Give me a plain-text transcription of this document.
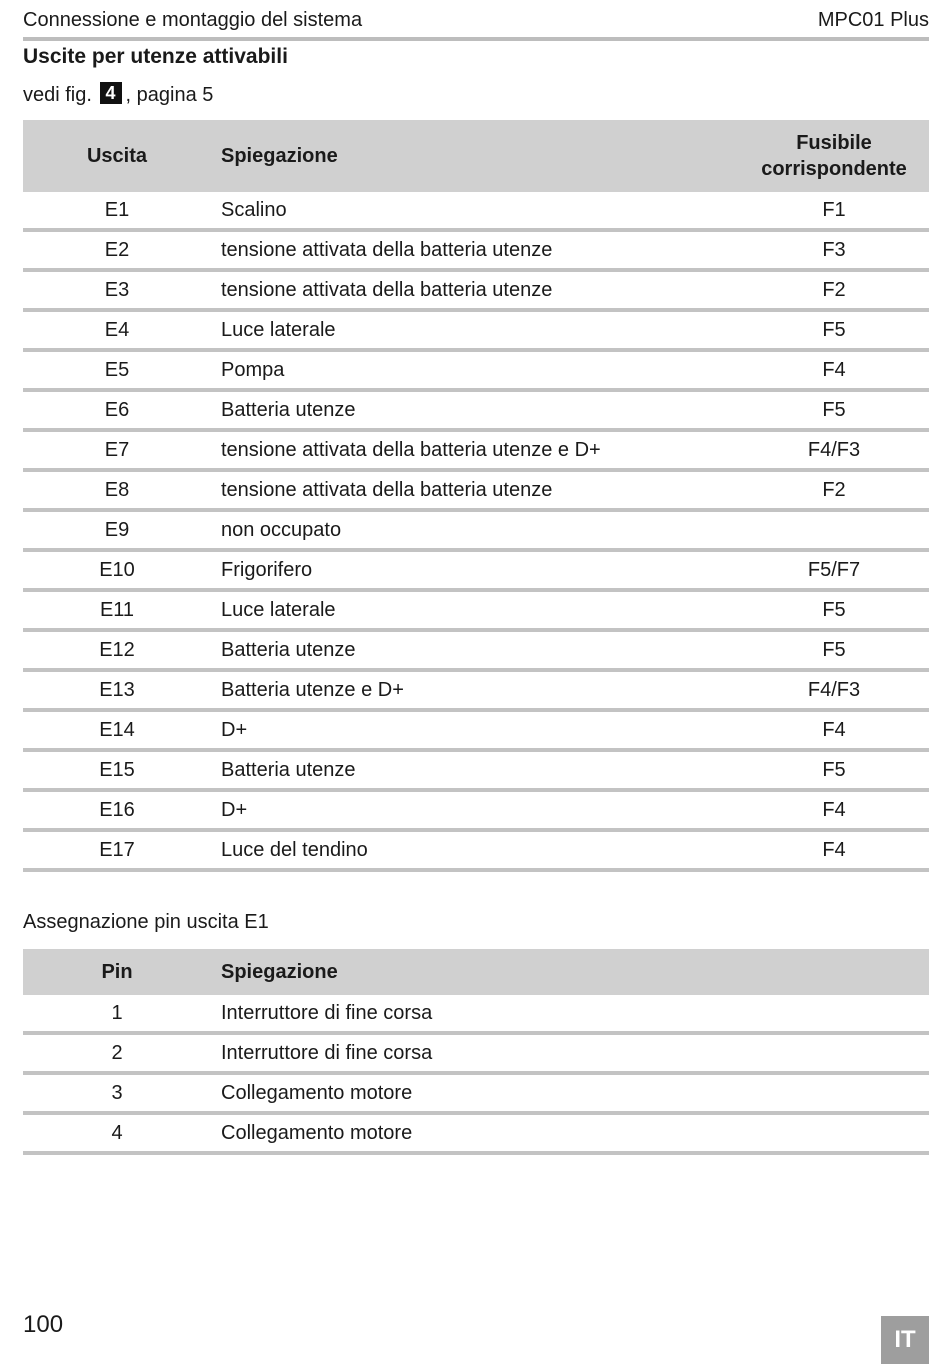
Connessione e montaggio del sistema	MPC01 Plus
Uscite per utenze attivabili
vedi fig. 4 , pagina 5
Uscita	Spiegazione	Fusibile corrispondente
E1	Scalino	F1
E2	tensione attivata della batteria utenze	F3
E3	tensione attivata della batteria utenze	F2
E4	Luce laterale	F5
E5	Pompa	F4
E6	Batteria utenze	F5
E7	tensione attivata della batteria utenze e D+	F4/F3
E8	tensione attivata della batteria utenze	F2
E9	non occupato	
E10	Frigorifero	F5/F7
E11	Luce laterale	F5
E12	Batteria utenze	F5
E13	Batteria utenze e D+	F4/F3
E14	D+	F4
E15	Batteria utenze	F5
E16	D+	F4
E17	Luce del tendino	F4
Assegnazione pin uscita E1
Pin	Spiegazione
1	Interruttore di fine corsa
2	Interruttore di fine corsa
3	Collegamento motore
4	Collegamento motore
100
IT
